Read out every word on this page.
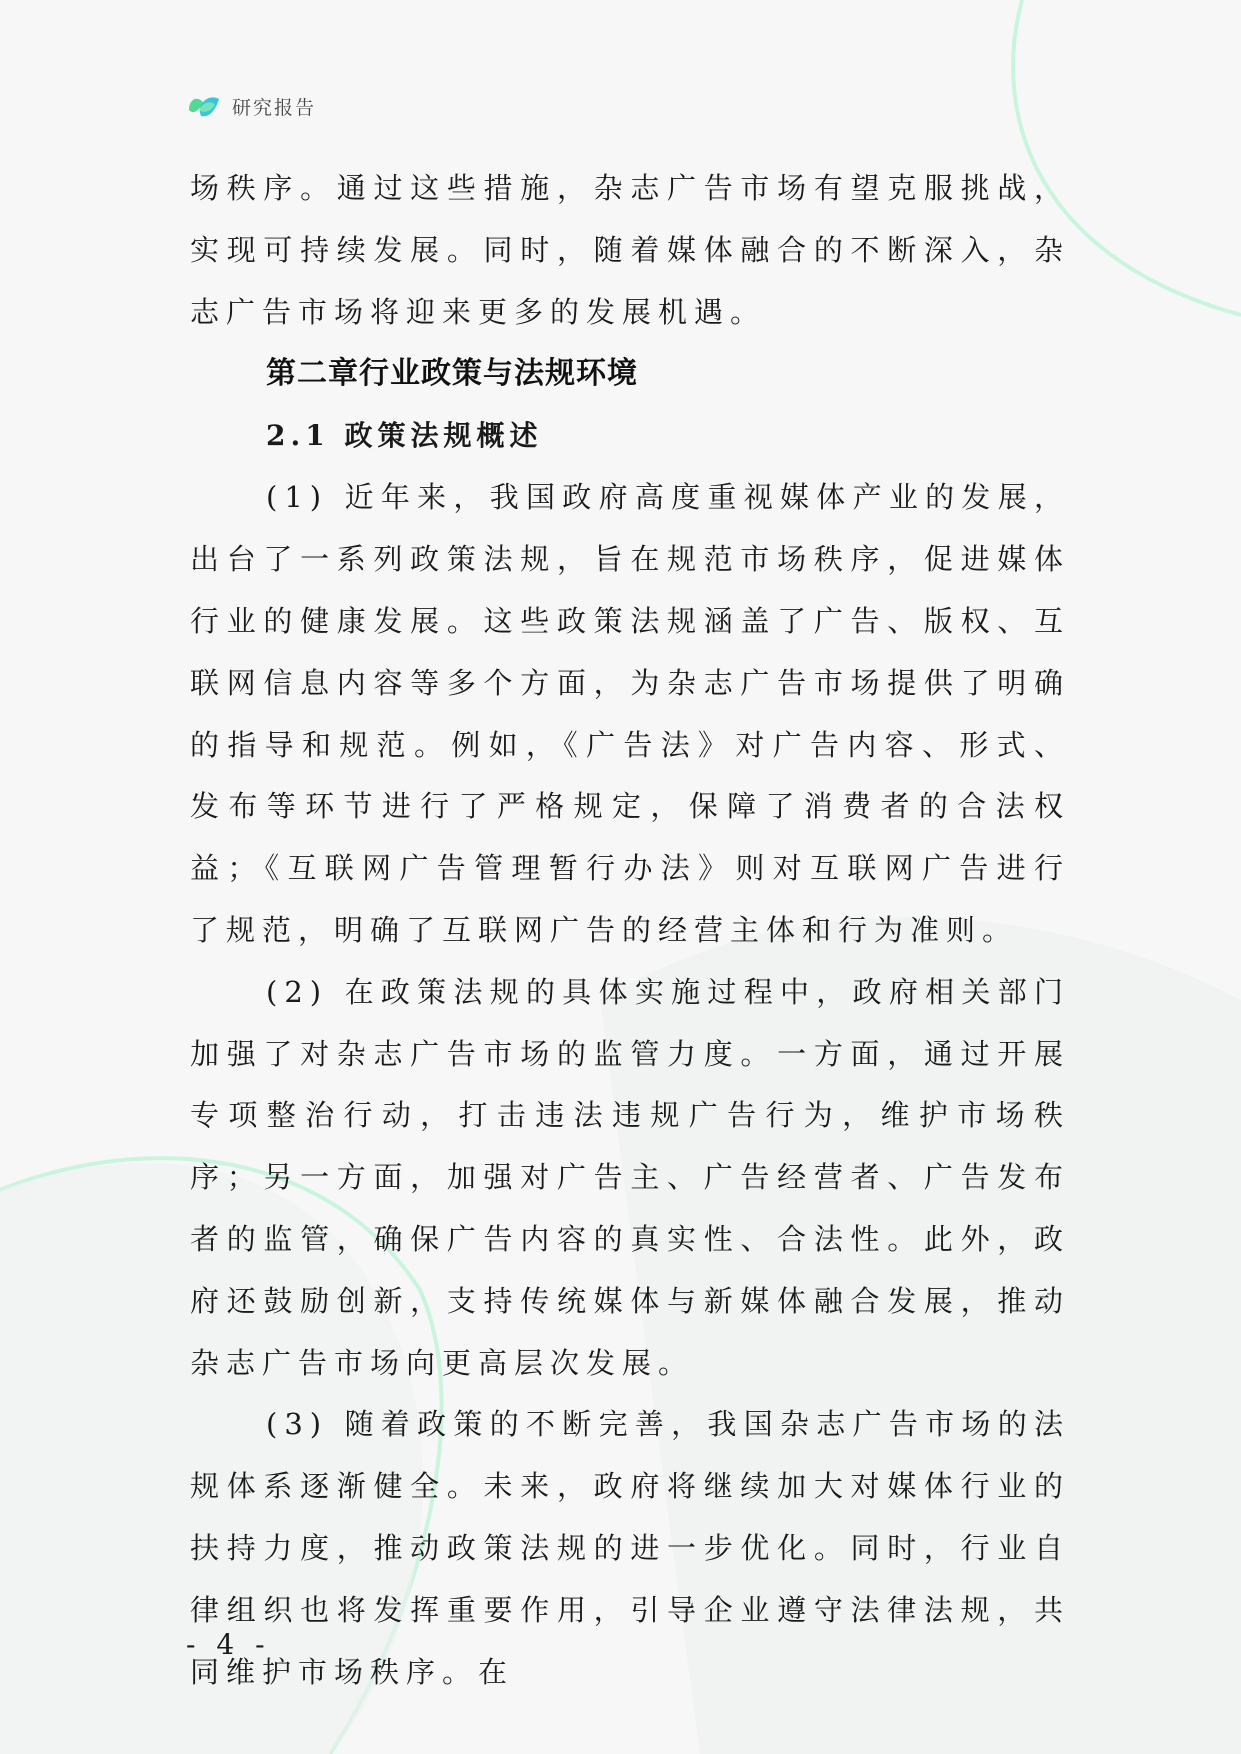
研究报告

场秩序。通过这些措施，杂志广告市场有望克服挑战，实现可持续发展。同时，随着媒体融合的不断深入，杂志广告市场将迎来更多的发展机遇。

第二章行业政策与法规环境
2.1 政策法规概述

(1) 近年来，我国政府高度重视媒体产业的发展，出台了一系列政策法规，旨在规范市场秩序，促进媒体行业的健康发展。这些政策法规涵盖了广告、版权、互联网信息内容等多个方面，为杂志广告市场提供了明确的指导和规范。例如，《广告法》对广告内容、形式、发布等环节进行了严格规定，保障了消费者的合法权益；《互联网广告管理暂行办法》则对互联网广告进行了规范，明确了互联网广告的经营主体和行为准则。

(2) 在政策法规的具体实施过程中，政府相关部门加强了对杂志广告市场的监管力度。一方面，通过开展专项整治行动，打击违法违规广告行为，维护市场秩序；另一方面，加强对广告主、广告经营者、广告发布者的监管，确保广告内容的真实性、合法性。此外，政府还鼓励创新，支持传统媒体与新媒体融合发展，推动杂志广告市场向更高层次发展。

(3) 随着政策的不断完善，我国杂志广告市场的法规体系逐渐健全。未来，政府将继续加大对媒体行业的扶持力度，推动政策法规的进一步优化。同时，行业自律组织也将发挥重要作用，引导企业遵守法律法规，共同维护市场秩序。在

- 4 -
